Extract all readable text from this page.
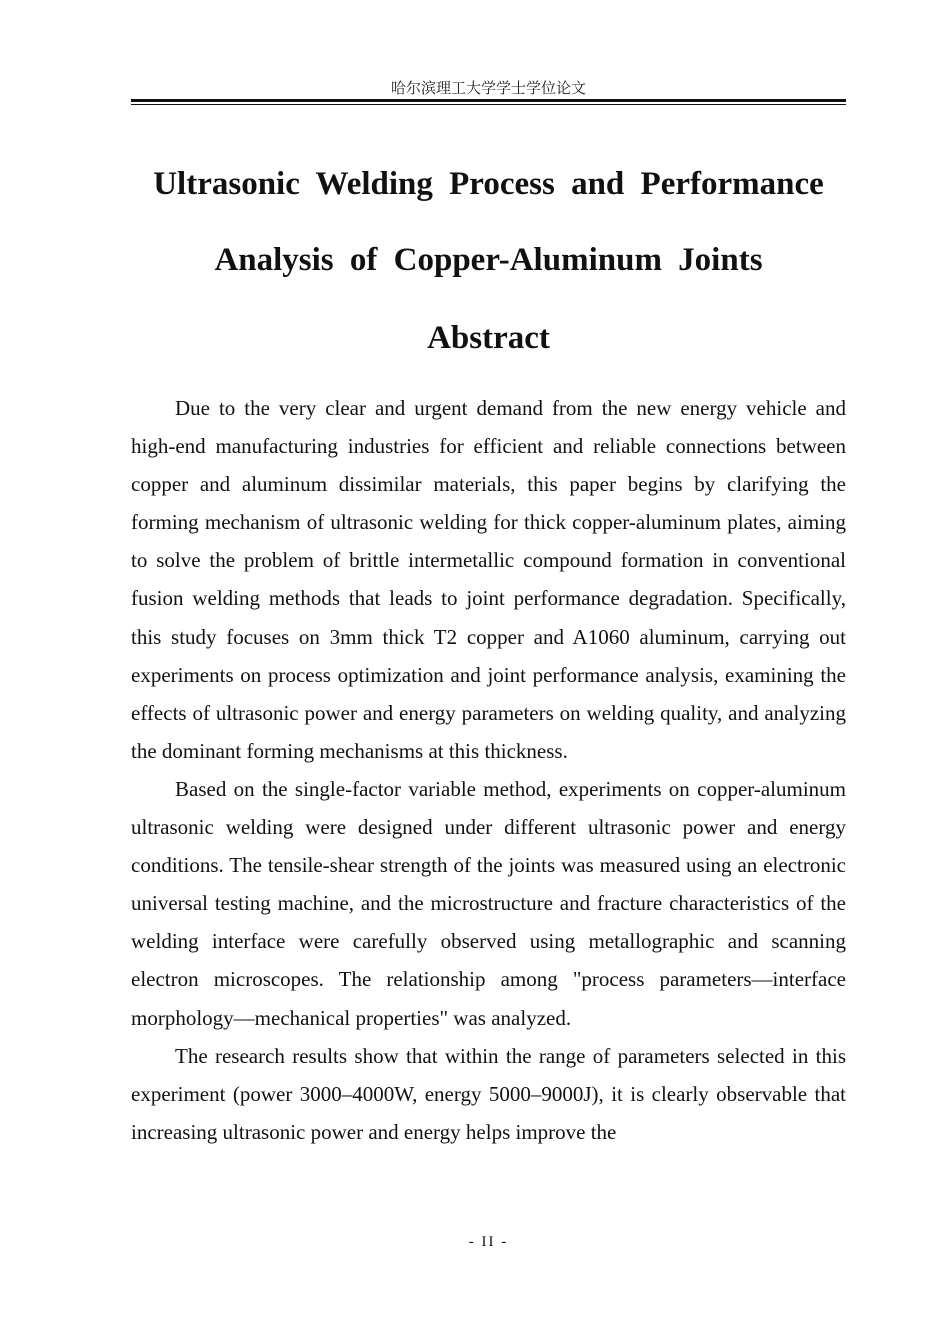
哈尔滨理工大学学士学位论文
Ultrasonic Welding Process and Performance
Analysis of Copper-Aluminum Joints
Abstract

Due to the very clear and urgent demand from the new energy vehicle and high-end manufacturing industries for efficient and reliable connections between copper and aluminum dissimilar materials, this paper begins by clarifying the forming mechanism of ultrasonic welding for thick copper-aluminum plates, aiming to solve the problem of brittle intermetallic compound formation in conventional fusion welding methods that leads to joint performance degradation. Specifically, this study focuses on 3mm thick T2 copper and A1060 aluminum, carrying out experiments on process optimization and joint performance analysis, examining the effects of ultrasonic power and energy parameters on welding quality, and analyzing the dominant forming mechanisms at this thickness.

Based on the single-factor variable method, experiments on copper-aluminum ultrasonic welding were designed under different ultrasonic power and energy conditions. The tensile-shear strength of the joints was measured using an electronic universal testing machine, and the microstructure and fracture characteristics of the welding interface were carefully observed using metallographic and scanning electron microscopes. The relationship among "process parameters—interface morphology—mechanical properties" was analyzed.

The research results show that within the range of parameters selected in this experiment (power 3000–4000W, energy 5000–9000J), it is clearly observable that increasing ultrasonic power and energy helps improve the

- II -
